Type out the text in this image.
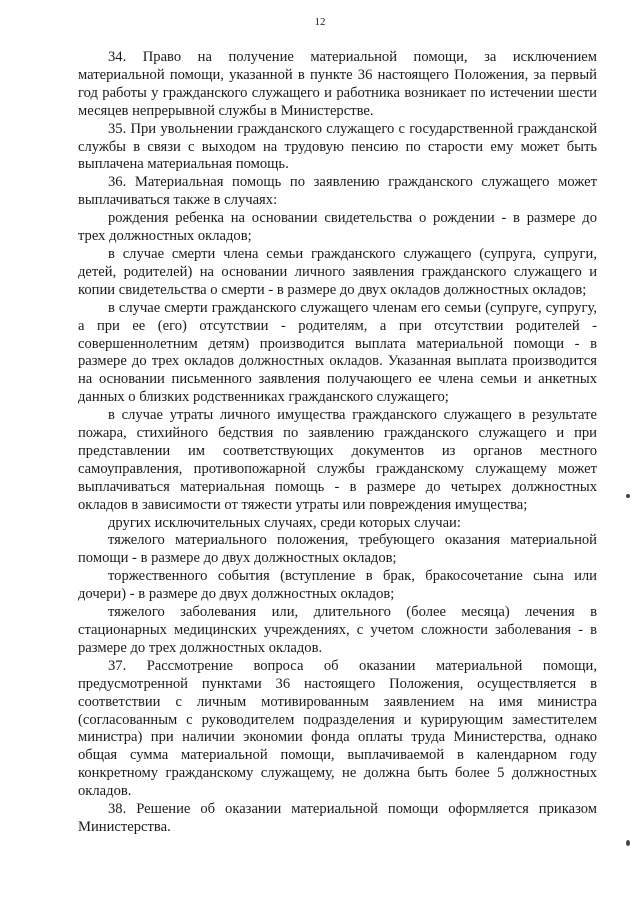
12

34. Право на получение материальной помощи, за исключением материальной помощи, указанной в пункте 36 настоящего Положения, за первый год работы у гражданского служащего и работника возникает по истечении шести месяцев непрерывной службы в Министерстве.

35. При увольнении гражданского служащего с государственной гражданской службы в связи с выходом на трудовую пенсию по старости ему может быть выплачена материальная помощь.

36. Материальная помощь по заявлению гражданского служащего может выплачиваться также в случаях:

рождения ребенка на основании свидетельства о рождении - в размере до трех должностных окладов;

в случае смерти члена семьи гражданского служащего (супруга, супруги, детей, родителей) на основании личного заявления гражданского служащего и копии свидетельства о смерти - в размере до двух окладов должностных окладов;

в случае смерти гражданского служащего членам его семьи (супруге, супругу, а при ее (его) отсутствии - родителям, а при отсутствии родителей - совершеннолетним детям) производится выплата материальной помощи - в размере до трех окладов должностных окладов. Указанная выплата производится на основании письменного заявления получающего ее члена семьи и анкетных данных о близких родственниках гражданского служащего;

в случае утраты личного имущества гражданского служащего в результате пожара, стихийного бедствия по заявлению гражданского служащего и при представлении им соответствующих документов из органов местного самоуправления, противопожарной службы гражданскому служащему может выплачиваться материальная помощь - в размере до четырех должностных окладов в зависимости от тяжести утраты или повреждения имущества;

других исключительных случаях, среди которых случаи:

тяжелого материального положения, требующего оказания материальной помощи - в размере до двух должностных окладов;

торжественного события (вступление в брак, бракосочетание сына или дочери) - в размере до двух должностных окладов;

тяжелого заболевания или, длительного (более месяца) лечения в стационарных медицинских учреждениях, с учетом сложности заболевания - в размере до трех должностных окладов.

37. Рассмотрение вопроса об оказании материальной помощи, предусмотренной пунктами 36 настоящего Положения, осуществляется в соответствии с личным мотивированным заявлением на имя министра (согласованным с руководителем подразделения и курирующим заместителем министра) при наличии экономии фонда оплаты труда Министерства, однако общая сумма материальной помощи, выплачиваемой в календарном году конкретному гражданскому служащему, не должна быть более 5 должностных окладов.

38. Решение об оказании материальной помощи оформляется приказом Министерства.
